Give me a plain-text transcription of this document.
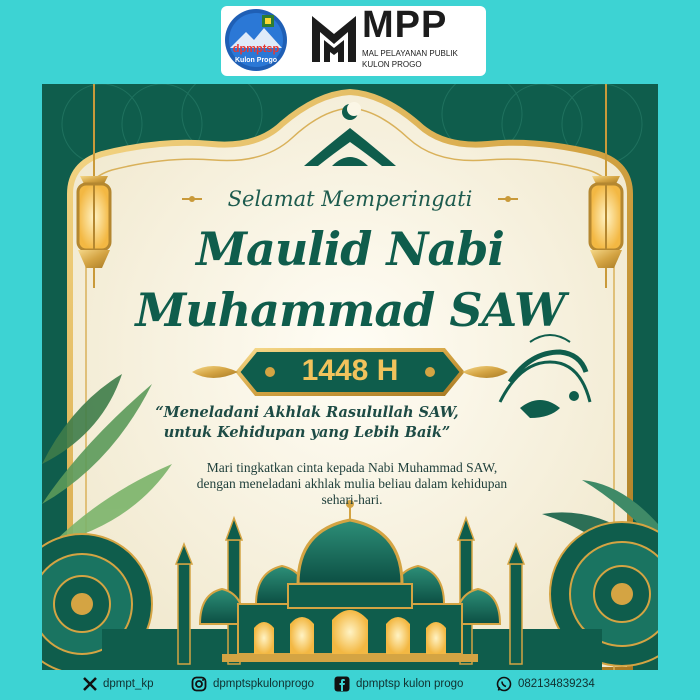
dpmptsp
Kulon Progo
MPP
MAL PELAYANAN PUBLIK
KULON PROGO
Selamat Memperingati
Maulid Nabi
Muhammad SAW
1448 H
“Meneladani Akhlak Rasulullah SAW,
untuk Kehidupan yang Lebih Baik”
Mari tingkatkan cinta kepada Nabi Muhammad SAW,
dengan meneladani akhlak mulia beliau dalam kehidupan
sehari-hari.
dpmpt_kp	dpmptspkulonprogo	dpmptsp kulon progo	082134839234
